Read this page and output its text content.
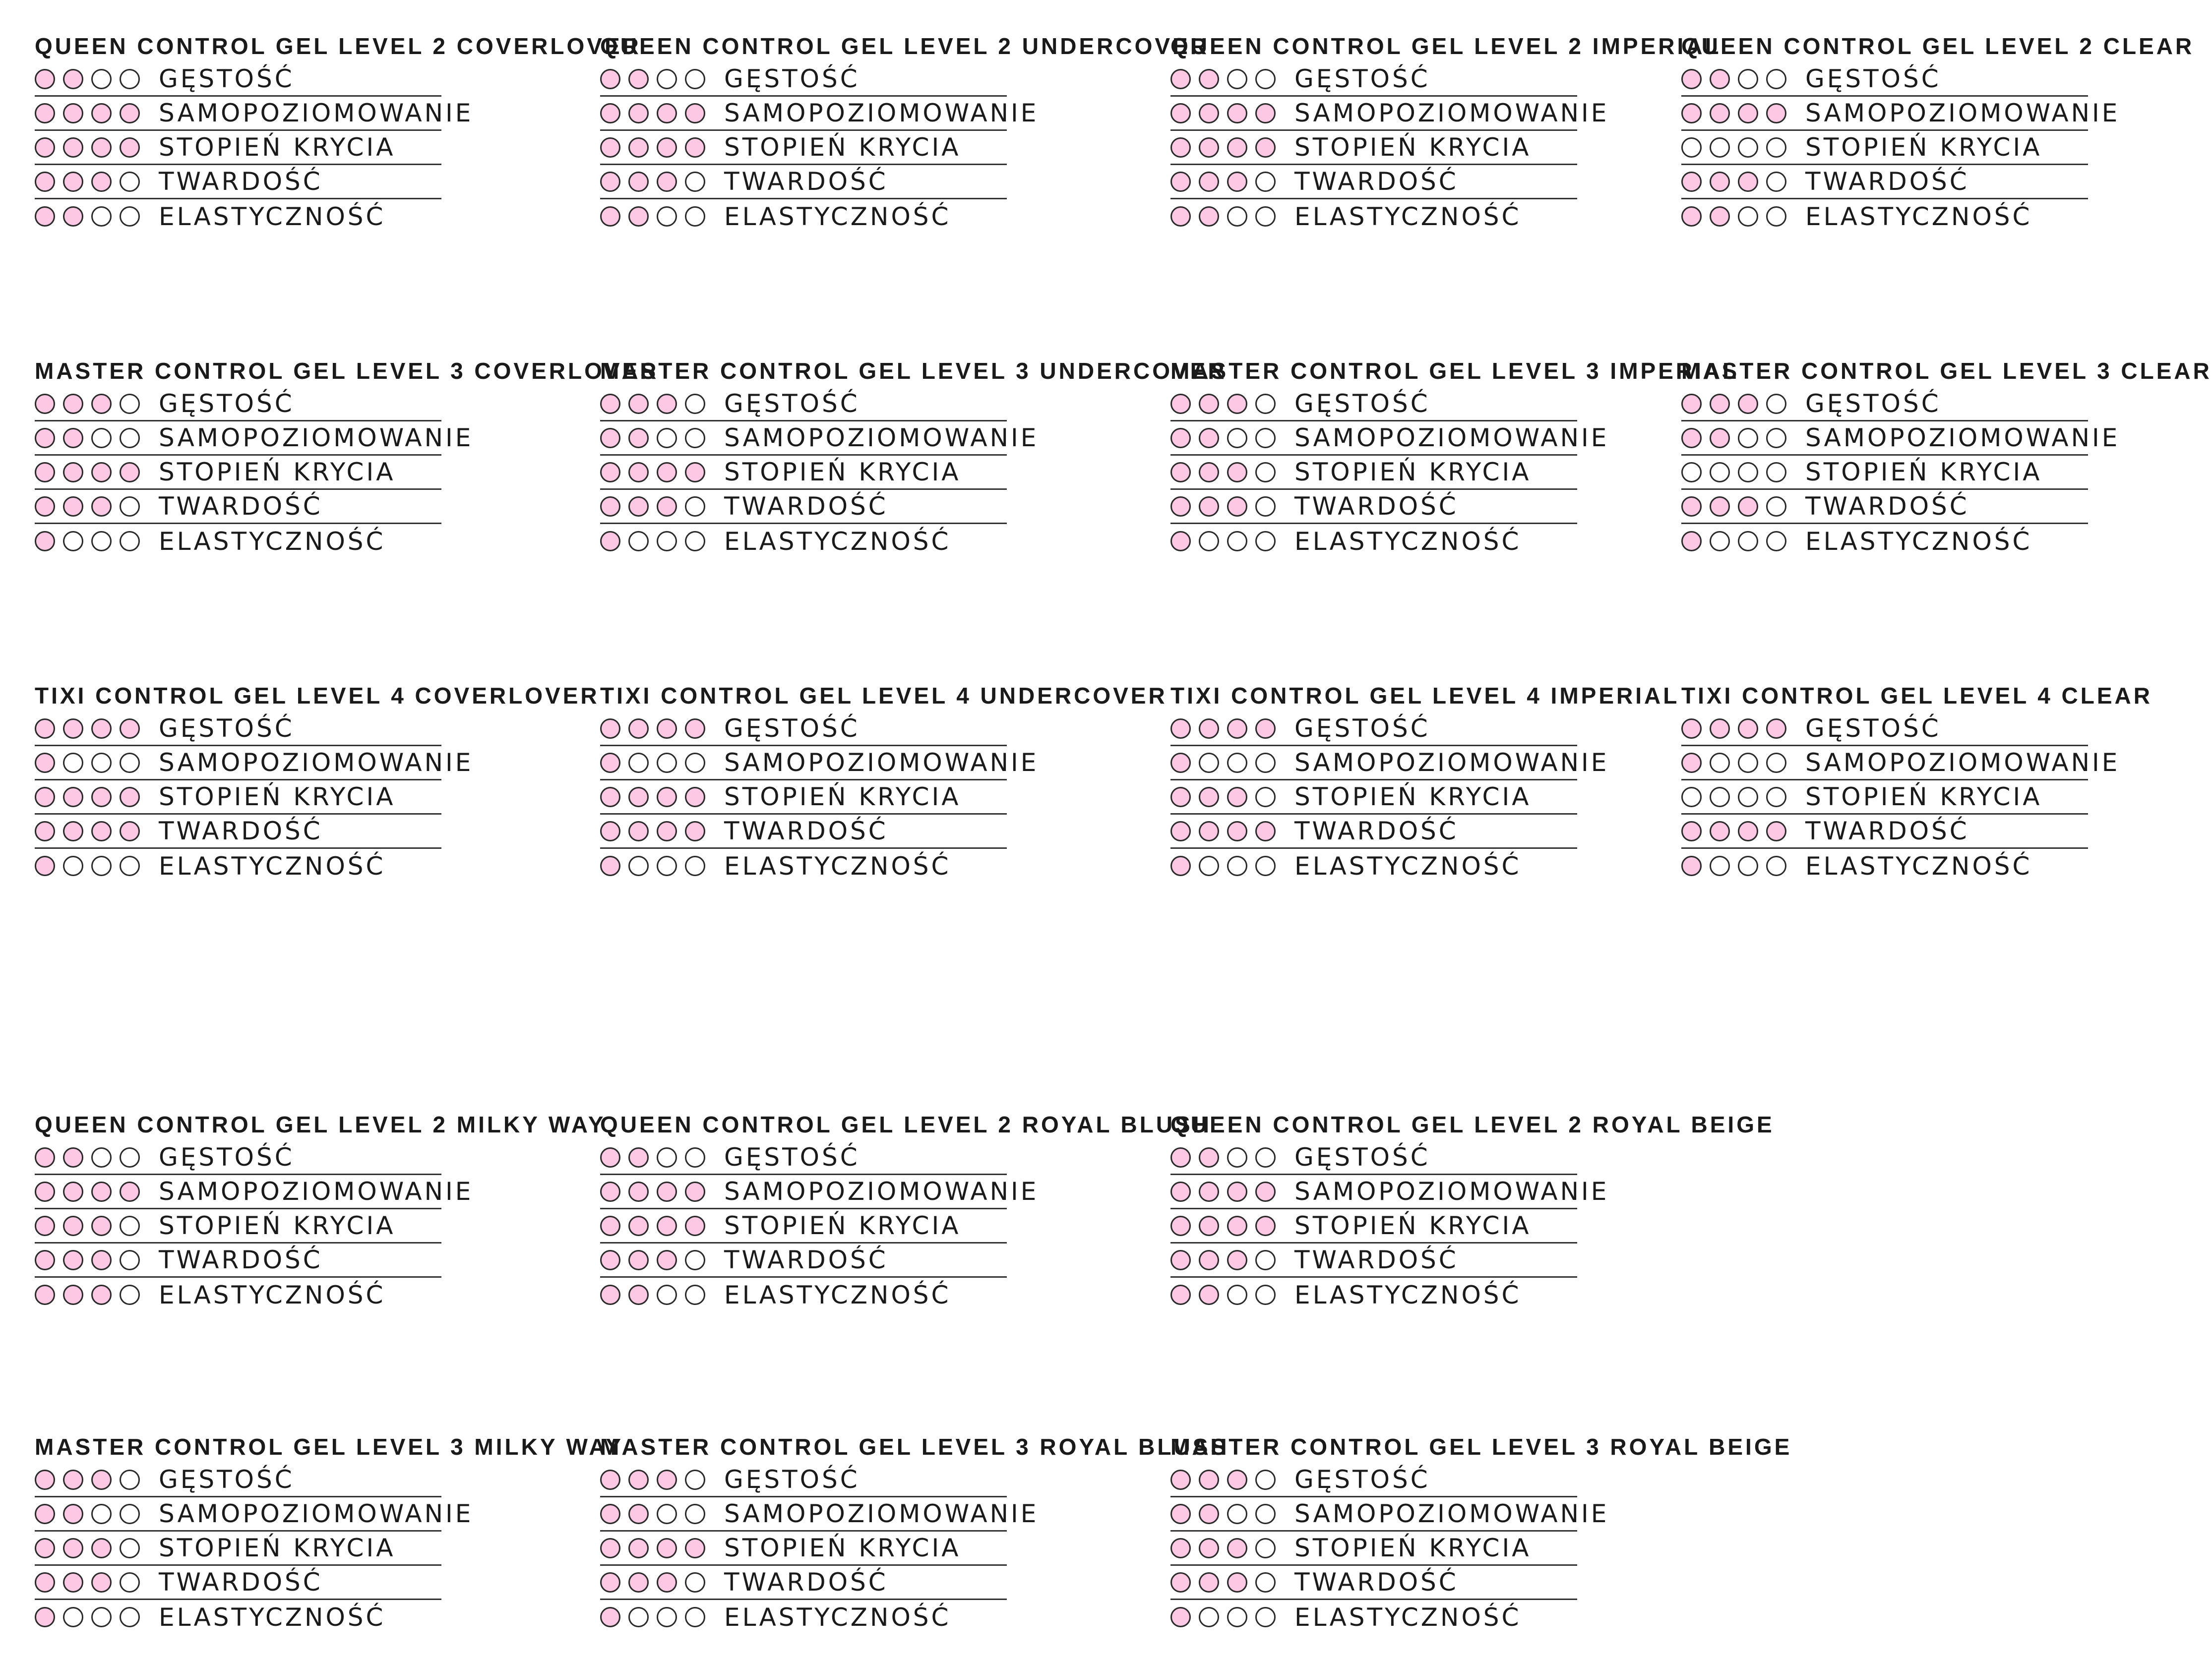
QUEEN CONTROL GEL LEVEL 2 COVERLOVER
GĘSTOŚĆ
SAMOPOZIOMOWANIE
STOPIEŃ KRYCIA
TWARDOŚĆ
ELASTYCZNOŚĆ
QUEEN CONTROL GEL LEVEL 2 UNDERCOVER
GĘSTOŚĆ
SAMOPOZIOMOWANIE
STOPIEŃ KRYCIA
TWARDOŚĆ
ELASTYCZNOŚĆ
QUEEN CONTROL GEL LEVEL 2 IMPERIAL
GĘSTOŚĆ
SAMOPOZIOMOWANIE
STOPIEŃ KRYCIA
TWARDOŚĆ
ELASTYCZNOŚĆ
QUEEN CONTROL GEL LEVEL 2 CLEAR
GĘSTOŚĆ
SAMOPOZIOMOWANIE
STOPIEŃ KRYCIA
TWARDOŚĆ
ELASTYCZNOŚĆ
MASTER CONTROL GEL LEVEL 3 COVERLOVER
GĘSTOŚĆ
SAMOPOZIOMOWANIE
STOPIEŃ KRYCIA
TWARDOŚĆ
ELASTYCZNOŚĆ
MASTER CONTROL GEL LEVEL 3 UNDERCOVER
GĘSTOŚĆ
SAMOPOZIOMOWANIE
STOPIEŃ KRYCIA
TWARDOŚĆ
ELASTYCZNOŚĆ
MASTER CONTROL GEL LEVEL 3 IMPERIAL
GĘSTOŚĆ
SAMOPOZIOMOWANIE
STOPIEŃ KRYCIA
TWARDOŚĆ
ELASTYCZNOŚĆ
MASTER CONTROL GEL LEVEL 3 CLEAR
GĘSTOŚĆ
SAMOPOZIOMOWANIE
STOPIEŃ KRYCIA
TWARDOŚĆ
ELASTYCZNOŚĆ
TIXI CONTROL GEL LEVEL 4 COVERLOVER
GĘSTOŚĆ
SAMOPOZIOMOWANIE
STOPIEŃ KRYCIA
TWARDOŚĆ
ELASTYCZNOŚĆ
TIXI CONTROL GEL LEVEL 4 UNDERCOVER
GĘSTOŚĆ
SAMOPOZIOMOWANIE
STOPIEŃ KRYCIA
TWARDOŚĆ
ELASTYCZNOŚĆ
TIXI CONTROL GEL LEVEL 4 IMPERIAL
GĘSTOŚĆ
SAMOPOZIOMOWANIE
STOPIEŃ KRYCIA
TWARDOŚĆ
ELASTYCZNOŚĆ
TIXI CONTROL GEL LEVEL 4 CLEAR
GĘSTOŚĆ
SAMOPOZIOMOWANIE
STOPIEŃ KRYCIA
TWARDOŚĆ
ELASTYCZNOŚĆ
QUEEN CONTROL GEL LEVEL 2 MILKY WAY
GĘSTOŚĆ
SAMOPOZIOMOWANIE
STOPIEŃ KRYCIA
TWARDOŚĆ
ELASTYCZNOŚĆ
QUEEN CONTROL GEL LEVEL 2 ROYAL BLUSH
GĘSTOŚĆ
SAMOPOZIOMOWANIE
STOPIEŃ KRYCIA
TWARDOŚĆ
ELASTYCZNOŚĆ
QUEEN CONTROL GEL LEVEL 2 ROYAL BEIGE
GĘSTOŚĆ
SAMOPOZIOMOWANIE
STOPIEŃ KRYCIA
TWARDOŚĆ
ELASTYCZNOŚĆ
MASTER CONTROL GEL LEVEL 3 MILKY WAY
GĘSTOŚĆ
SAMOPOZIOMOWANIE
STOPIEŃ KRYCIA
TWARDOŚĆ
ELASTYCZNOŚĆ
MASTER CONTROL GEL LEVEL 3 ROYAL BLUSH
GĘSTOŚĆ
SAMOPOZIOMOWANIE
STOPIEŃ KRYCIA
TWARDOŚĆ
ELASTYCZNOŚĆ
MASTER CONTROL GEL LEVEL 3 ROYAL BEIGE
GĘSTOŚĆ
SAMOPOZIOMOWANIE
STOPIEŃ KRYCIA
TWARDOŚĆ
ELASTYCZNOŚĆ
